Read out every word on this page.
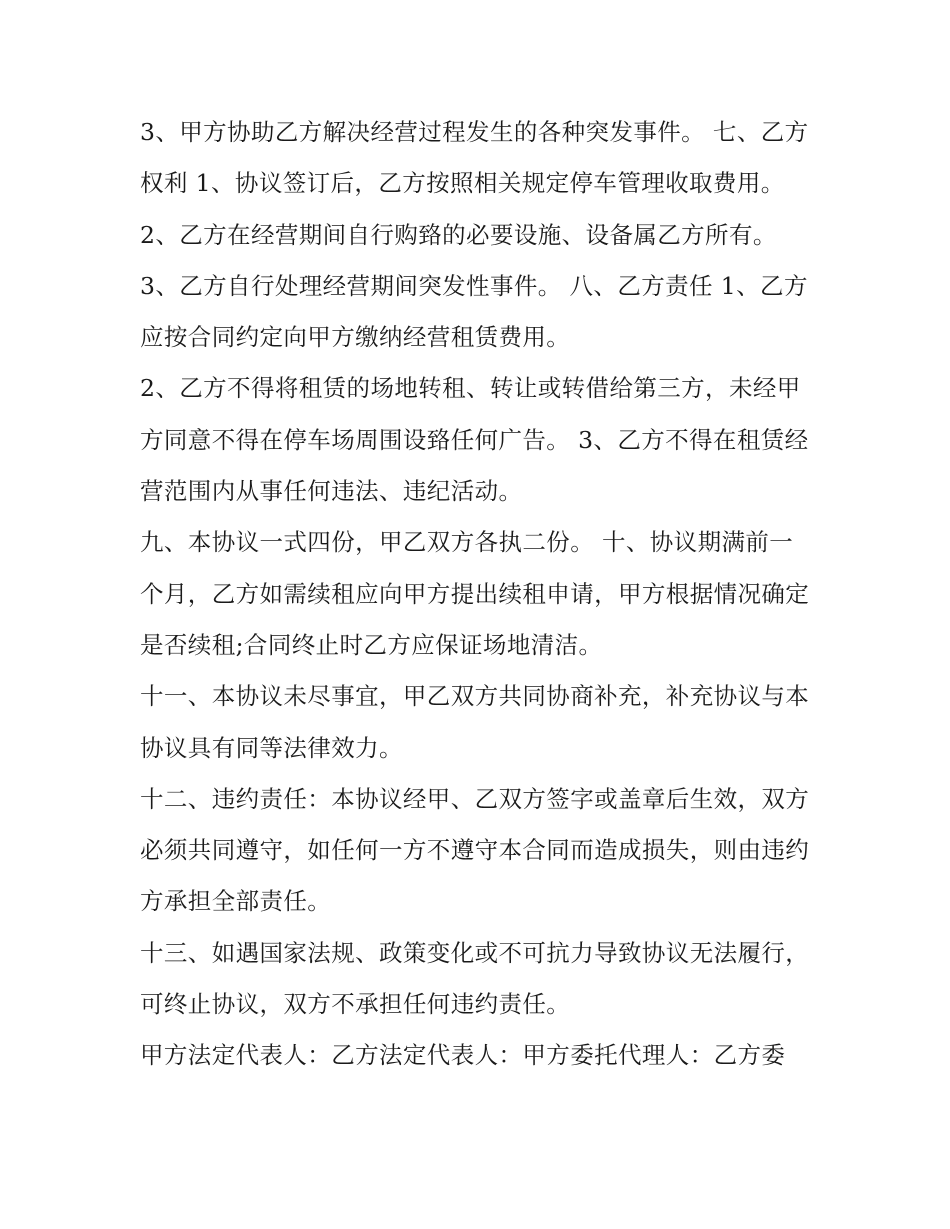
3、甲方协助乙方解决经营过程发生的各种突发事件。 七、乙方权利 1、协议签订后，乙方按照相关规定停车管理收取费用。

2、乙方在经营期间自行购臵的必要设施、设备属乙方所有。

3、乙方自行处理经营期间突发性事件。 八、乙方责任 1、乙方应按合同约定向甲方缴纳经营租赁费用。

2、乙方不得将租赁的场地转租、转让或转借给第三方，未经甲方同意不得在停车场周围设臵任何广告。 3、乙方不得在租赁经营范围内从事任何违法、违纪活动。

九、本协议一式四份，甲乙双方各执二份。 十、协议期满前一个月，乙方如需续租应向甲方提出续租申请，甲方根据情况确定是否续租;合同终止时乙方应保证场地清洁。

十一、本协议未尽事宜，甲乙双方共同协商补充，补充协议与本协议具有同等法律效力。

十二、违约责任：本协议经甲、乙双方签字或盖章后生效，双方必须共同遵守，如任何一方不遵守本合同而造成损失，则由违约方承担全部责任。

十三、如遇国家法规、政策变化或不可抗力导致协议无法履行，可终止协议，双方不承担任何违约责任。

甲方法定代表人：乙方法定代表人：甲方委托代理人：乙方委
